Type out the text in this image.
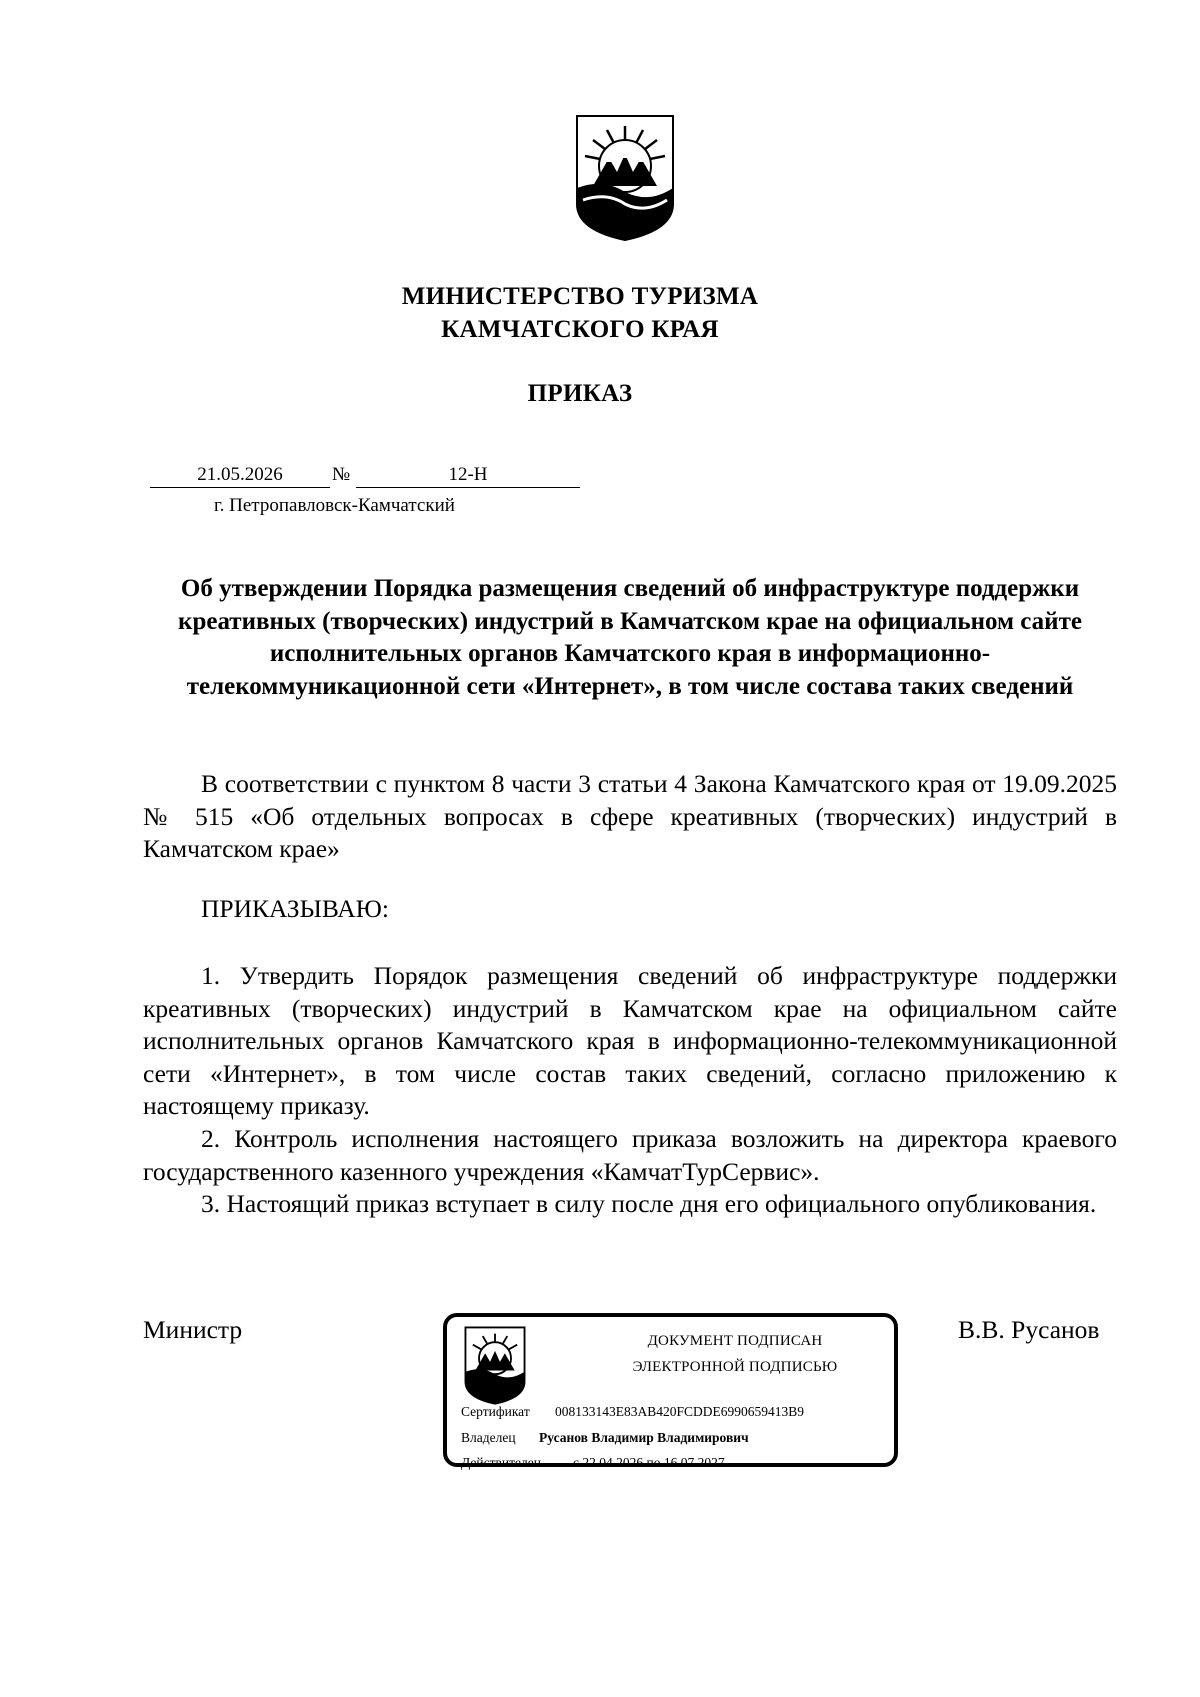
МИНИСТЕРСТВО ТУРИЗМА
КАМЧАТСКОГО КРАЯ
ПРИКАЗ
21.05.2026	№	12-Н
г. Петропавловск-Камчатский
Об утверждении Порядка размещения сведений об инфраструктуре поддержки креативных (творческих) индустрий в Камчатском крае на официальном сайте исполнительных органов Камчатского края в информационно-телекоммуникационной сети «Интернет», в том числе состава таких сведений
В соответствии с пунктом 8 части 3 статьи 4 Закона Камчатского края от 19.09.2025 № 515 «Об отдельных вопросах в сфере креативных (творческих) индустрий в Камчатском крае»
ПРИКАЗЫВАЮ:
1. Утвердить Порядок размещения сведений об инфраструктуре поддержки креативных (творческих) индустрий в Камчатском крае на официальном сайте исполнительных органов Камчатского края в информационно-телекоммуникационной сети «Интернет», в том числе состав таких сведений, согласно приложению к настоящему приказу.
2. Контроль исполнения настоящего приказа возложить на директора краевого государственного казенного учреждения «КамчатТурСервис».
3. Настоящий приказ вступает в силу после дня его официального опубликования.
Министр	В.В. Русанов
ДОКУМЕНТ ПОДПИСАН
ЭЛЕКТРОННОЙ ПОДПИСЬЮ
Сертификат 008133143E83AB420FCDDE6990659413B9
Владелец Русанов Владимир Владимирович
Действителен с 22.04.2026 по 16.07.2027
